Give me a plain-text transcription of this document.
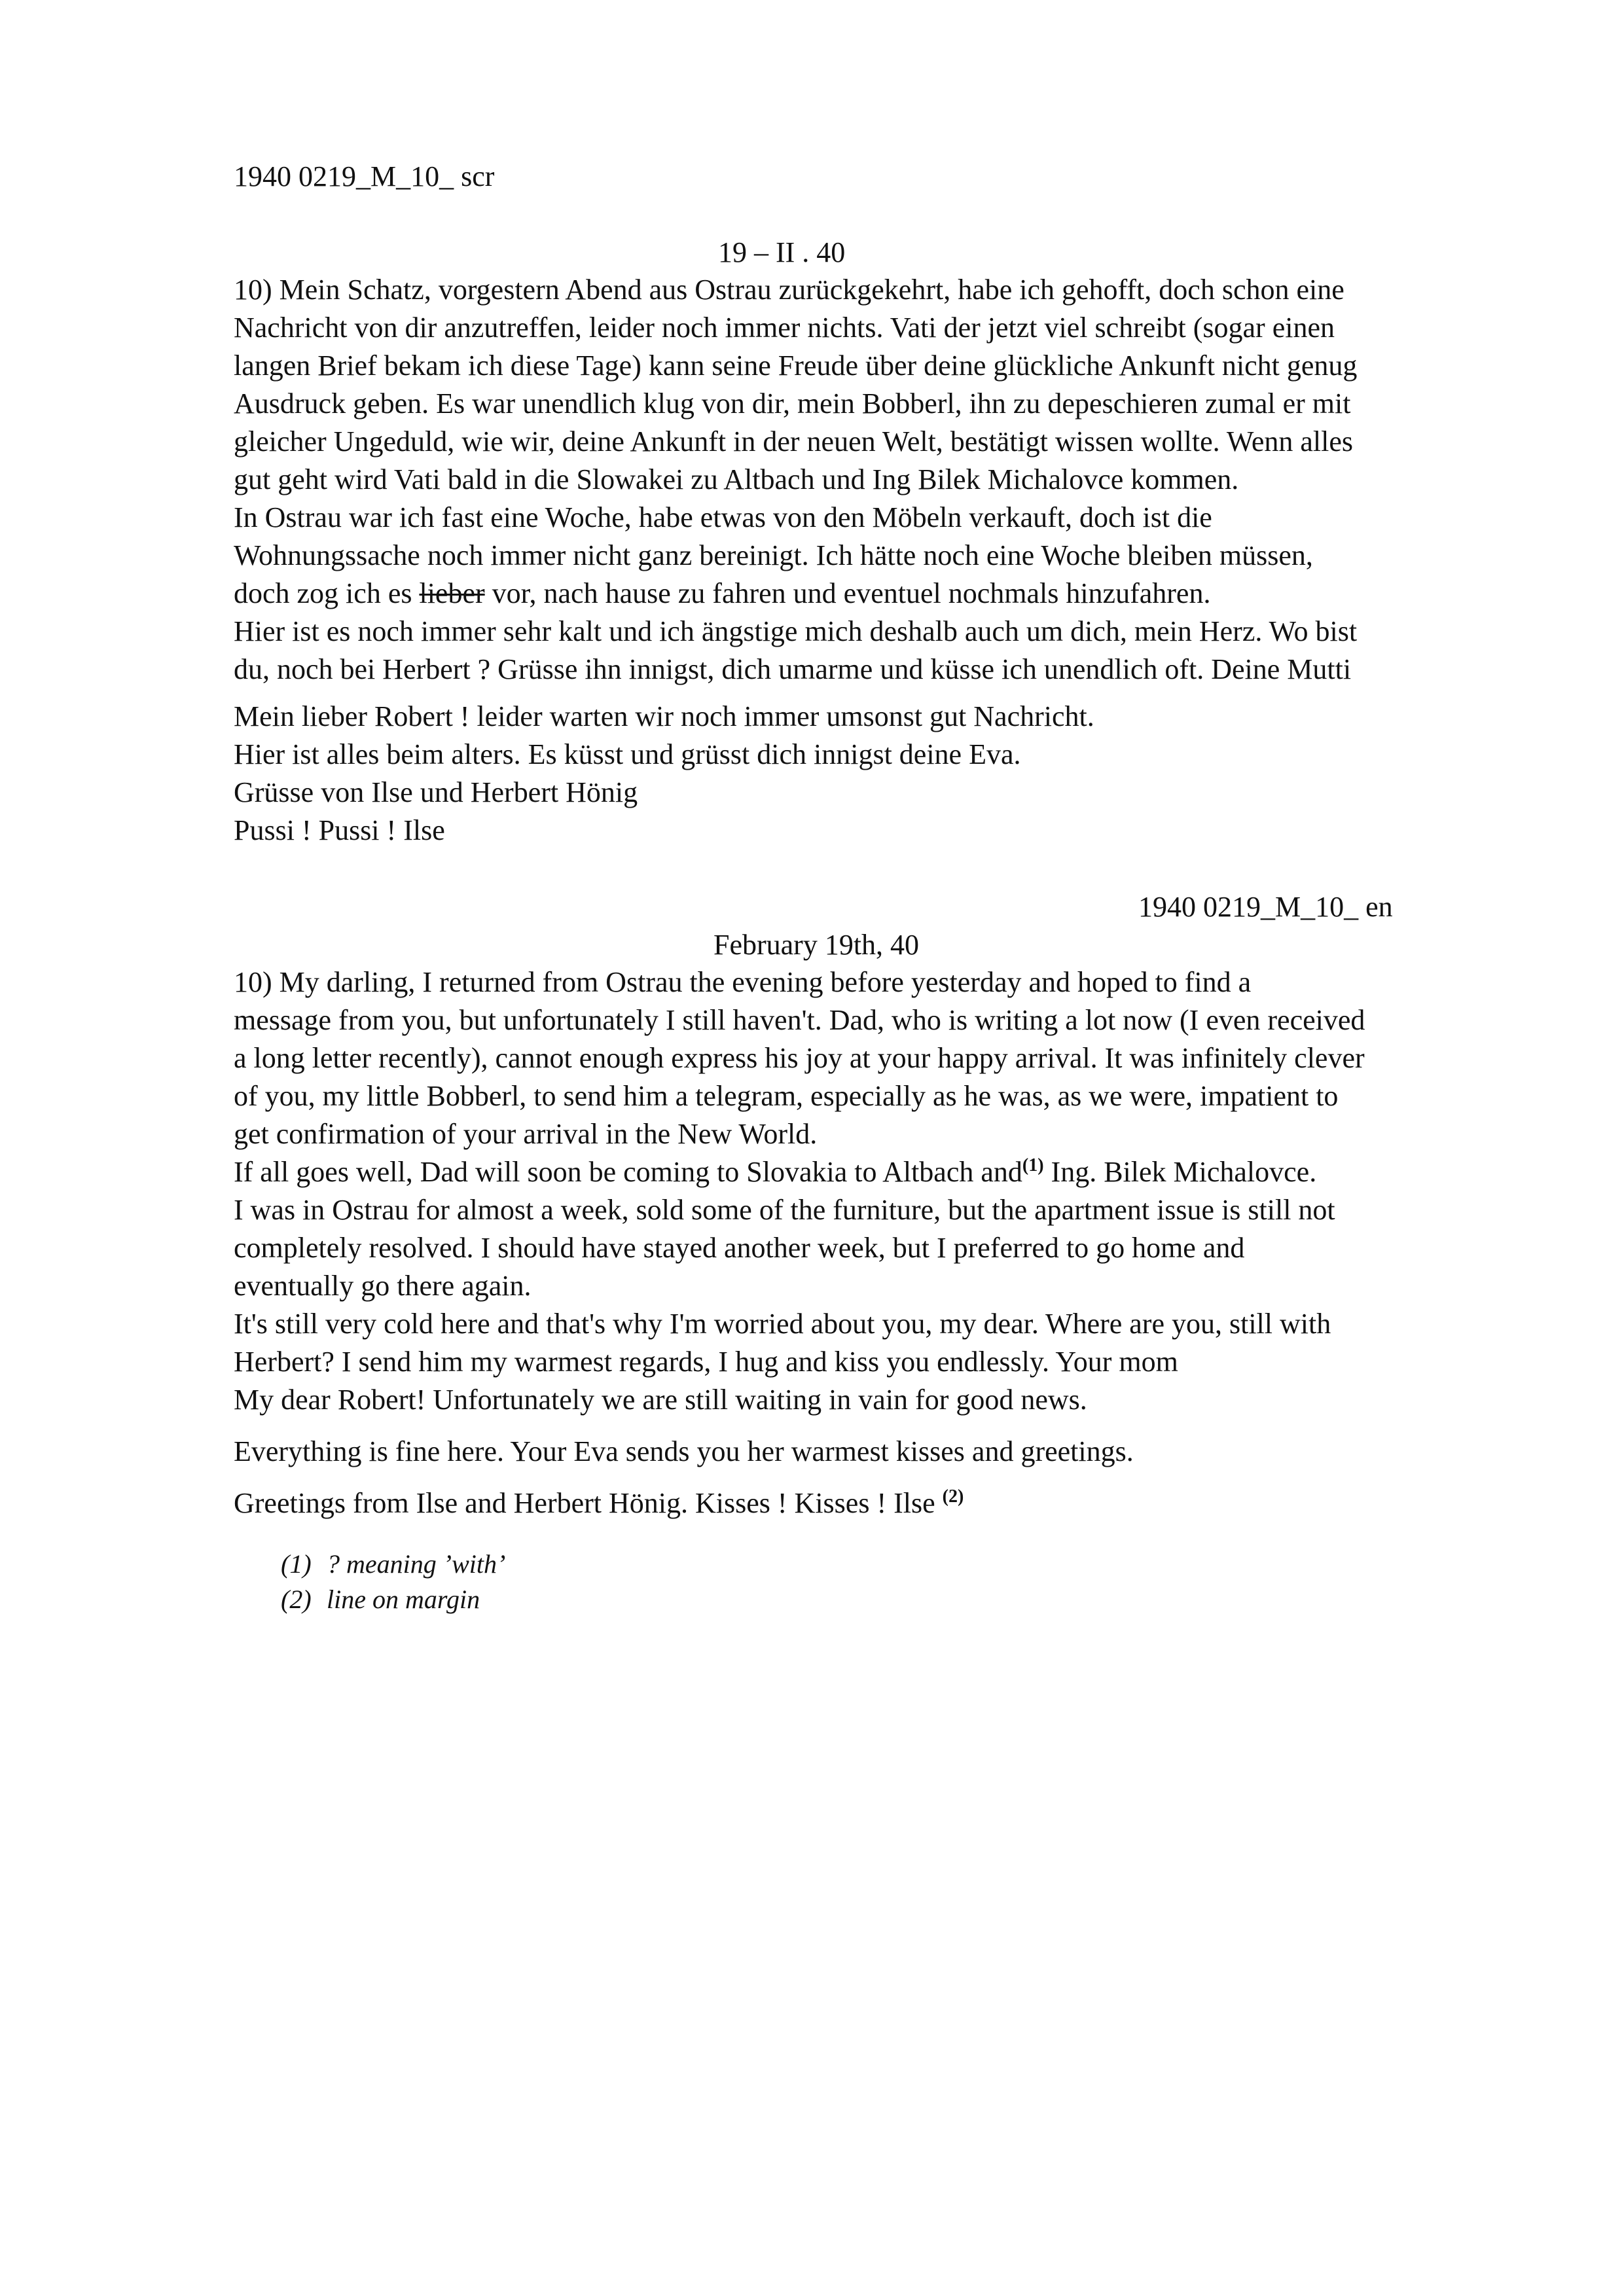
1940 0219_M_10_ scr
19 – II . 40
10) Mein Schatz, vorgestern Abend aus Ostrau zurückgekehrt, habe ich gehofft, doch schon eine
Nachricht von dir anzutreffen, leider noch immer nichts. Vati der jetzt viel schreibt (sogar einen
langen Brief bekam ich diese Tage) kann seine Freude über deine glückliche Ankunft nicht genug
Ausdruck geben. Es war unendlich klug von dir, mein Bobberl, ihn zu depeschieren zumal er mit
gleicher Ungeduld, wie wir, deine Ankunft in der neuen Welt, bestätigt wissen wollte. Wenn alles
gut geht wird Vati bald in die Slowakei zu Altbach und Ing Bilek Michalovce kommen.
In Ostrau war ich fast eine Woche, habe etwas von den Möbeln verkauft, doch ist die
Wohnungssache noch immer nicht ganz bereinigt. Ich hätte noch eine Woche bleiben müssen,
doch zog ich es lieber vor, nach hause zu fahren und eventuel nochmals hinzufahren.
Hier ist es noch immer sehr kalt und ich ängstige mich deshalb auch um dich, mein Herz. Wo bist
du, noch bei Herbert ? Grüsse ihn innigst, dich umarme und küsse ich unendlich oft. Deine Mutti
Mein lieber Robert ! leider warten wir noch immer umsonst gut Nachricht.
Hier ist alles beim alters. Es küsst und grüsst dich innigst deine Eva.
Grüsse von Ilse und Herbert Hönig
Pussi ! Pussi ! Ilse
1940 0219_M_10_ en
February 19th, 40
10) My darling, I returned from Ostrau the evening before yesterday and hoped to find a
message from you, but unfortunately I still haven't. Dad, who is writing a lot now (I even received
a long letter recently), cannot enough express his joy at your happy arrival. It was infinitely clever
of you, my little Bobberl, to send him a telegram, especially as he was, as we were, impatient to
get confirmation of your arrival in the New World.
If all goes well, Dad will soon be coming to Slovakia to Altbach and$^{(1)}$ Ing. Bilek Michalovce.
I was in Ostrau for almost a week, sold some of the furniture, but the apartment issue is still not
completely resolved. I should have stayed another week, but I preferred to go home and
eventually go there again.
It's still very cold here and that's why I'm worried about you, my dear. Where are you, still with
Herbert? I send him my warmest regards, I hug and kiss you endlessly. Your mom
My dear Robert! Unfortunately we are still waiting in vain for good news.
Everything is fine here. Your Eva sends you her warmest kisses and greetings.
Greetings from Ilse and Herbert Hönig. Kisses ! Kisses ! Ilse $^{(2)}$
(1) ? meaning ’with’
(2) line on margin
